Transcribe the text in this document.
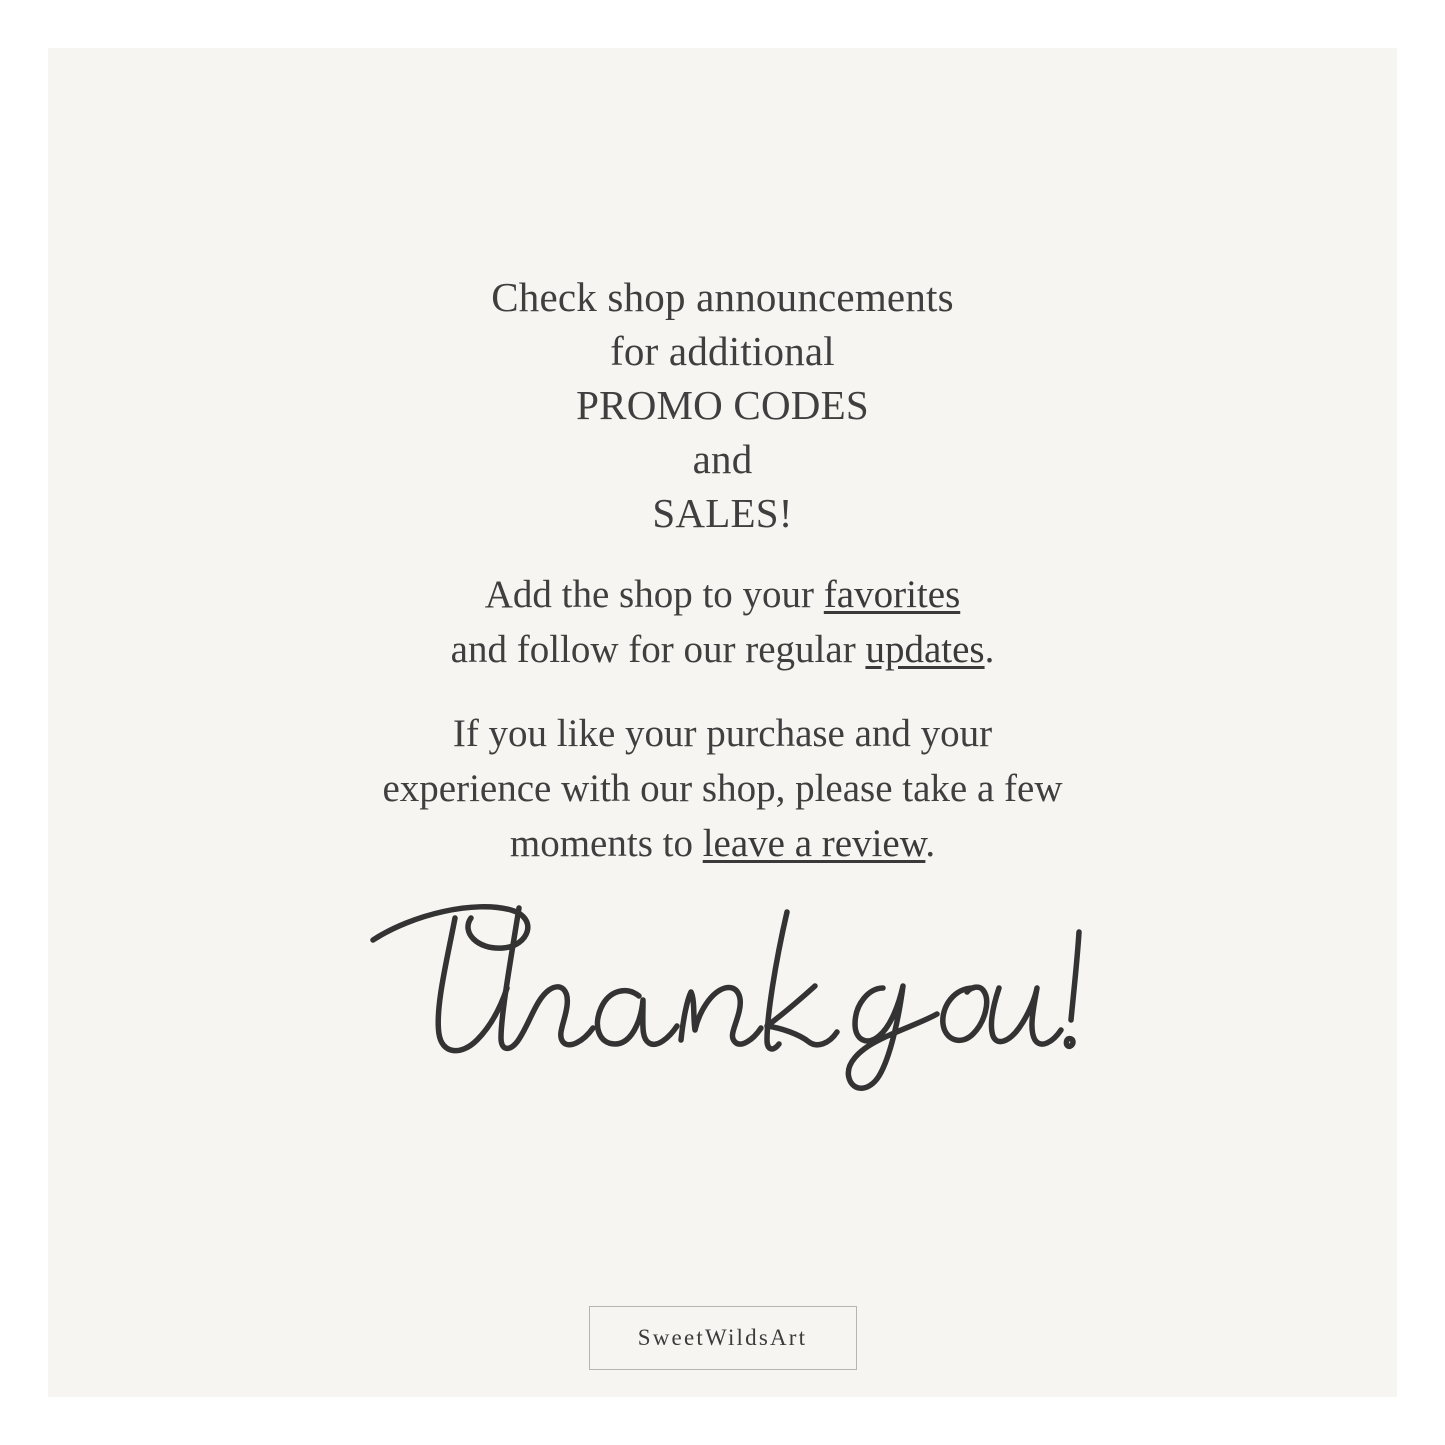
Check shop announcements
for additional
PROMO CODES
and
SALES!
Add the shop to your favorites
and follow for our regular updates.
If you like your purchase and your
experience with our shop, please take a few
moments to leave a review.
SweetWildsArt
